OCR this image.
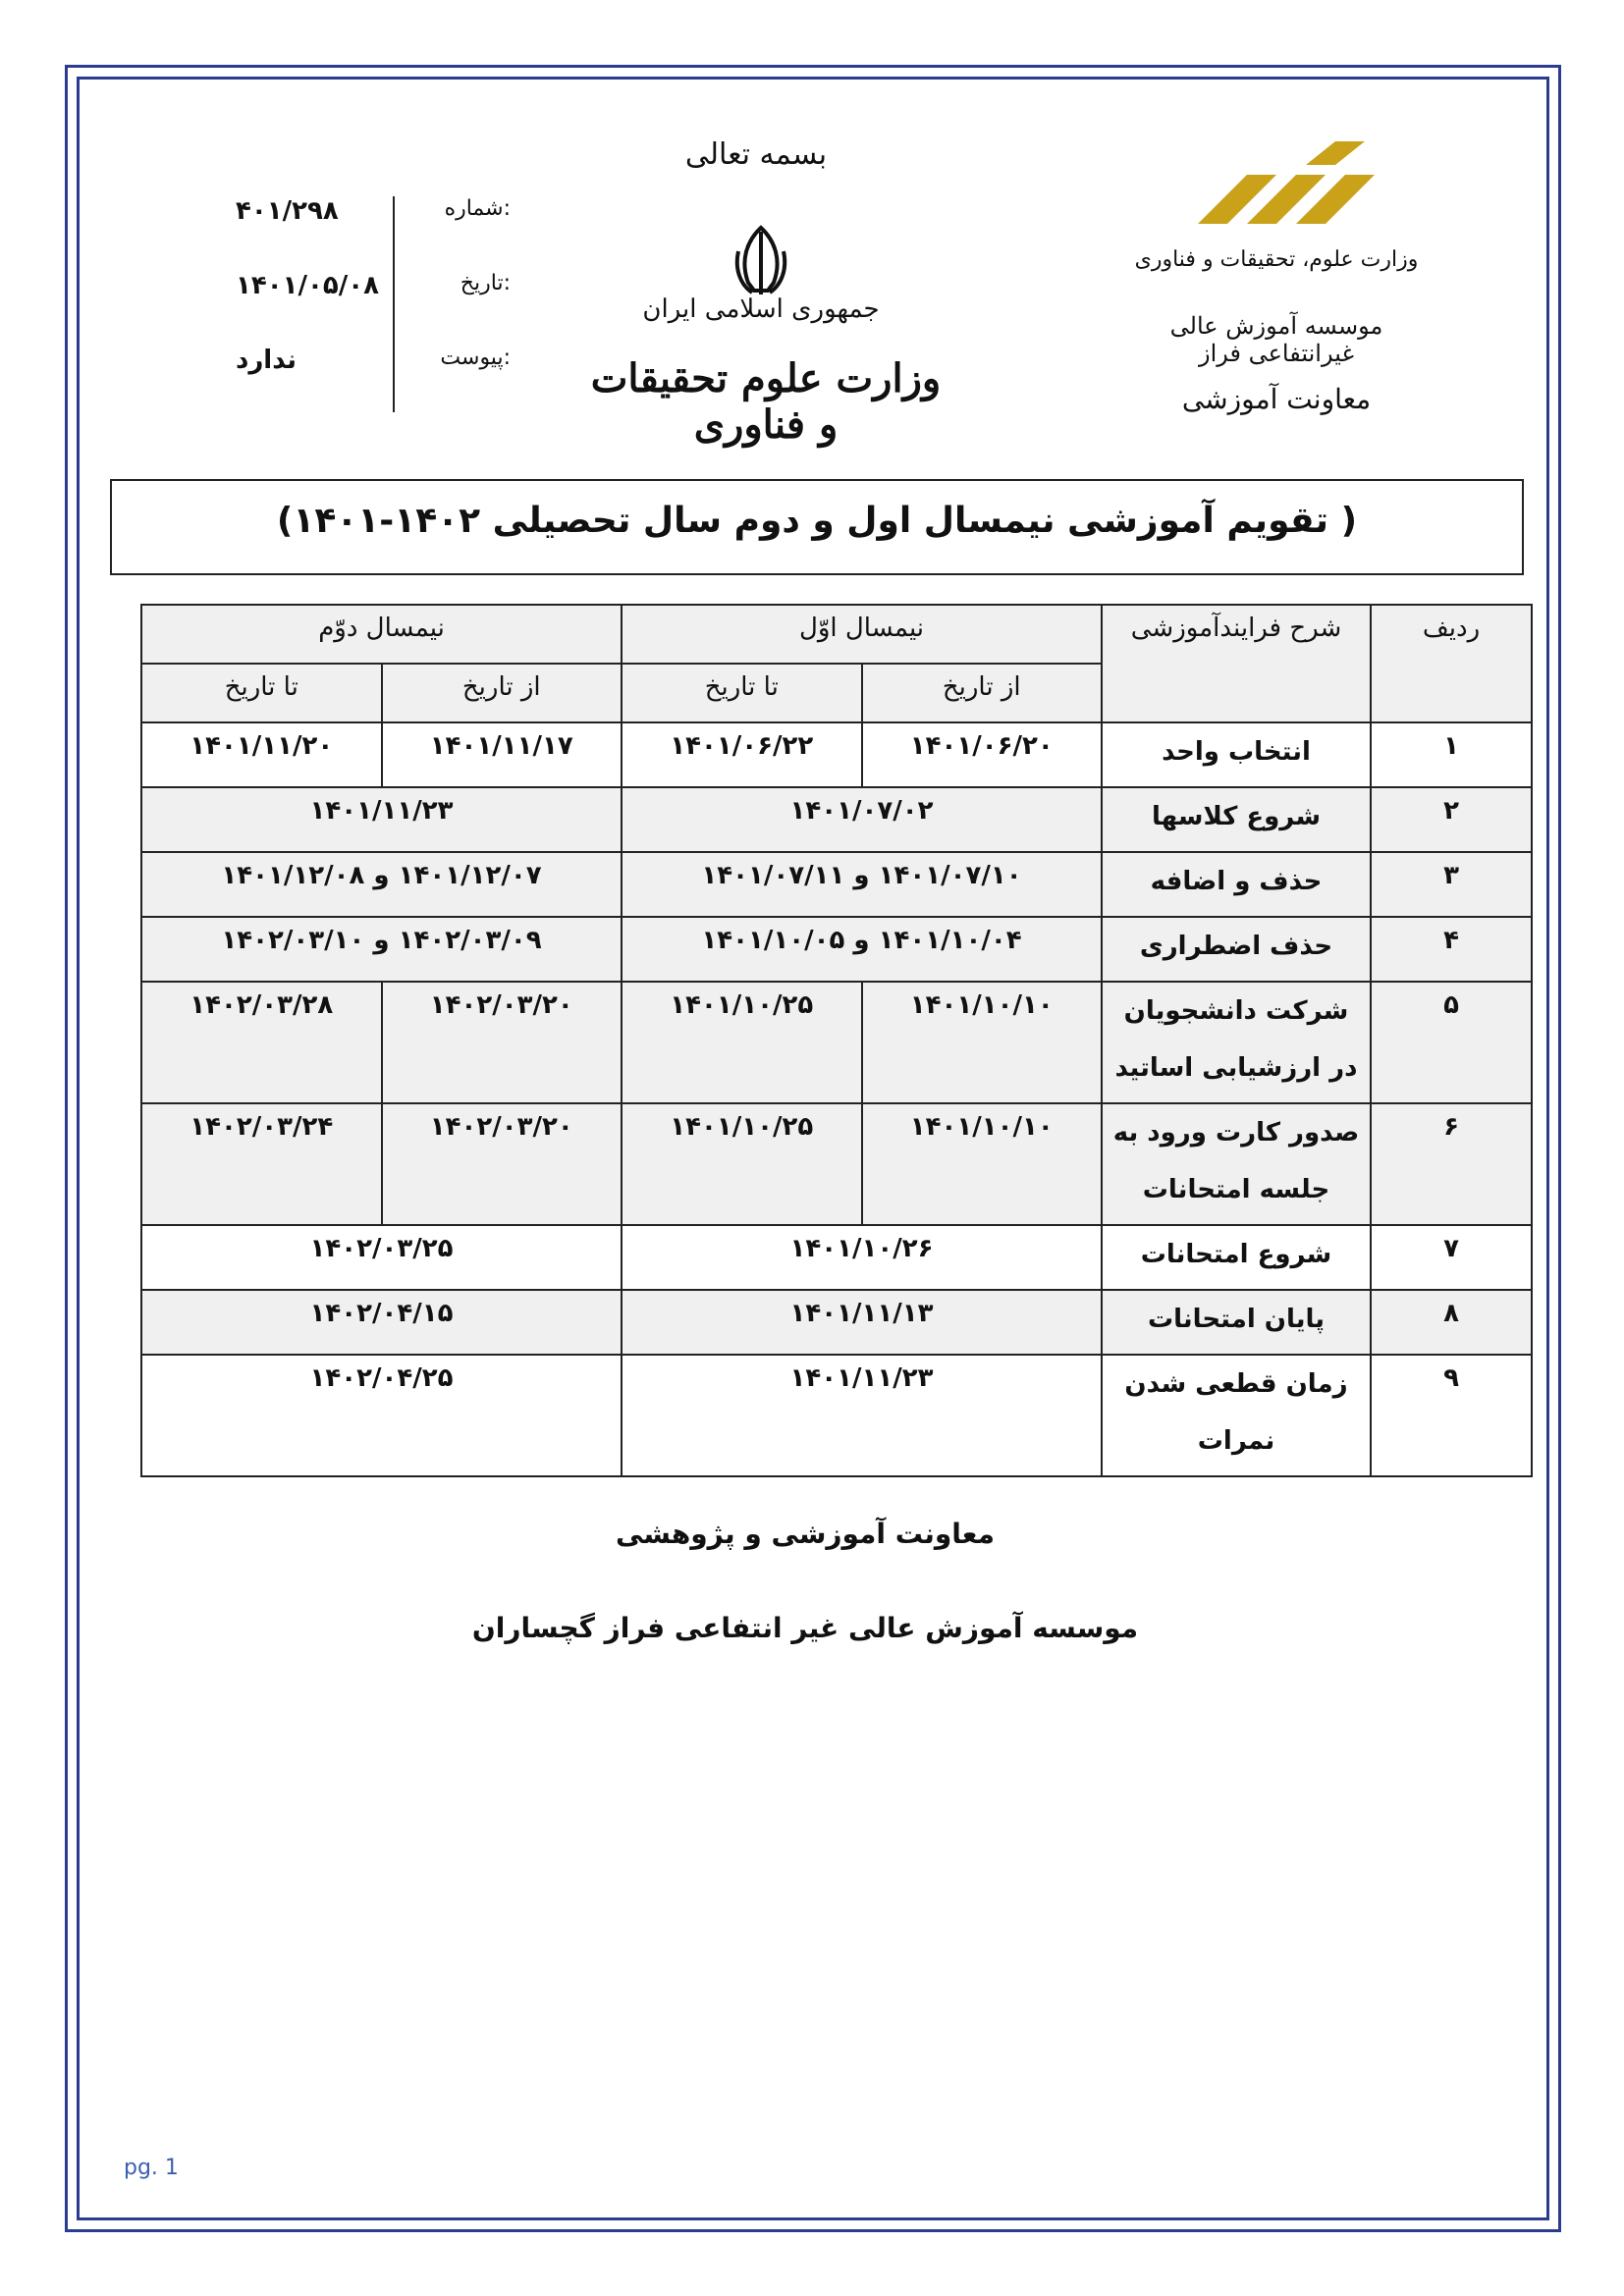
بسمه تعالی
شماره:
۴۰۱/۲۹۸
تاریخ:
۱۴۰۱/۰۵/۰۸
پیوست:
ندارد
جمهوری اسلامی ایران
وزارت علوم تحقیقات و فناوری
وزارت علوم، تحقیقات و فناوری
موسسه آموزش عالی غیرانتفاعی فراز
معاونت آموزشی
( تقویم آموزشی نیمسال اول و دوم سال تحصیلی ۱۴۰۲-۱۴۰۱)
ردیف	شرح فرایندآموزشی	نیمسال اوّل		نیمسال دوّم	
		از تاریخ	تا تاریخ	از تاریخ	تا تاریخ
۱	انتخاب واحد	۱۴۰۱/۰۶/۲۰	۱۴۰۱/۰۶/۲۲	۱۴۰۱/۱۱/۱۷	۱۴۰۱/۱۱/۲۰
۲	شروع کلاسها	۱۴۰۱/۰۷/۰۲		۱۴۰۱/۱۱/۲۳	
۳	حذف و اضافه	۱۴۰۱/۰۷/۱۰ و ۱۴۰۱/۰۷/۱۱		۱۴۰۱/۱۲/۰۷ و ۱۴۰۱/۱۲/۰۸	
۴	حذف اضطراری	۱۴۰۱/۱۰/۰۴ و ۱۴۰۱/۱۰/۰۵		۱۴۰۲/۰۳/۰۹ و ۱۴۰۲/۰۳/۱۰	
۵	شرکت دانشجویان در ارزشیابی اساتید	۱۴۰۱/۱۰/۱۰	۱۴۰۱/۱۰/۲۵	۱۴۰۲/۰۳/۲۰	۱۴۰۲/۰۳/۲۸
۶	صدور کارت ورود به جلسه امتحانات	۱۴۰۱/۱۰/۱۰	۱۴۰۱/۱۰/۲۵	۱۴۰۲/۰۳/۲۰	۱۴۰۲/۰۳/۲۴
۷	شروع امتحانات	۱۴۰۱/۱۰/۲۶		۱۴۰۲/۰۳/۲۵	
۸	پایان امتحانات	۱۴۰۱/۱۱/۱۳		۱۴۰۲/۰۴/۱۵	
۹	زمان قطعی شدن نمرات	۱۴۰۱/۱۱/۲۳		۱۴۰۲/۰۴/۲۵	
معاونت آموزشی و پژوهشی
موسسه آموزش عالی غیر انتفاعی فراز گچساران
pg. 1
